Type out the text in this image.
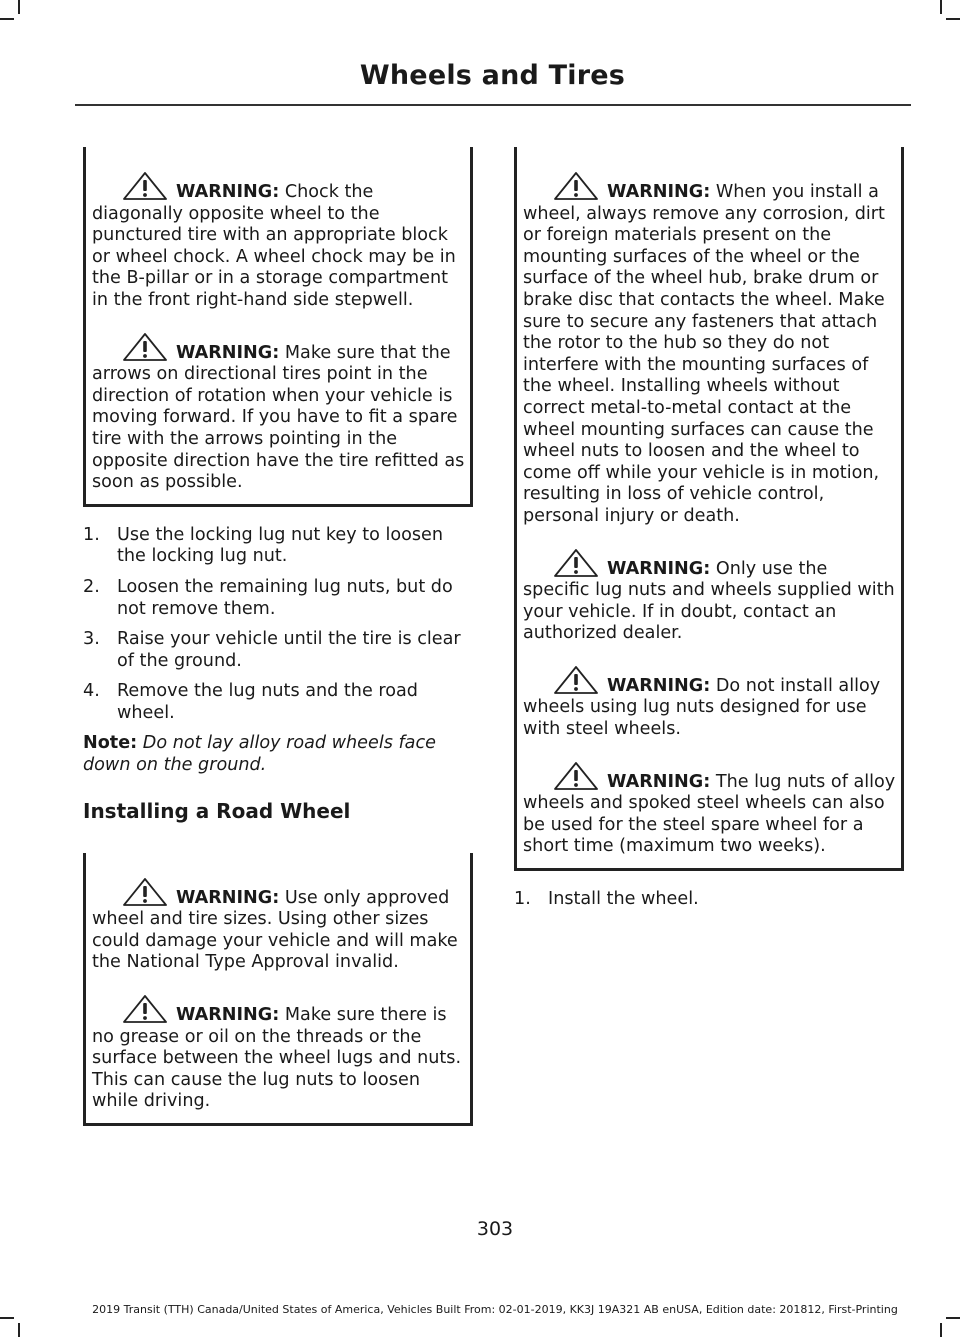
Wheels and Tires
WARNING: Chock the diagonally opposite wheel to the punctured tire with an appropriate block or wheel chock. A wheel chock may be in the B-pillar or in a storage compartment in the front right-hand side stepwell.
WARNING: Make sure that the arrows on directional tires point in the direction of rotation when your vehicle is moving forward. If you have to fit a spare tire with the arrows pointing in the opposite direction have the tire refitted as soon as possible.
1. Use the locking lug nut key to loosen the locking lug nut.
2. Loosen the remaining lug nuts, but do not remove them.
3. Raise your vehicle until the tire is clear of the ground.
4. Remove the lug nuts and the road wheel.
Note: Do not lay alloy road wheels face down on the ground.
Installing a Road Wheel
WARNING: Use only approved wheel and tire sizes. Using other sizes could damage your vehicle and will make the National Type Approval invalid.
WARNING: Make sure there is no grease or oil on the threads or the surface between the wheel lugs and nuts. This can cause the lug nuts to loosen while driving.
WARNING: When you install a wheel, always remove any corrosion, dirt or foreign materials present on the mounting surfaces of the wheel or the surface of the wheel hub, brake drum or brake disc that contacts the wheel. Make sure to secure any fasteners that attach the rotor to the hub so they do not interfere with the mounting surfaces of the wheel. Installing wheels without correct metal-to-metal contact at the wheel mounting surfaces can cause the wheel nuts to loosen and the wheel to come off while your vehicle is in motion, resulting in loss of vehicle control, personal injury or death.
WARNING: Only use the specific lug nuts and wheels supplied with your vehicle. If in doubt, contact an authorized dealer.
WARNING: Do not install alloy wheels using lug nuts designed for use with steel wheels.
WARNING: The lug nuts of alloy wheels and spoked steel wheels can also be used for the steel spare wheel for a short time (maximum two weeks).
1. Install the wheel.
303
2019 Transit (TTH) Canada/United States of America, Vehicles Built From: 02-01-2019, KK3J 19A321 AB enUSA, Edition date: 201812, First-Printing
